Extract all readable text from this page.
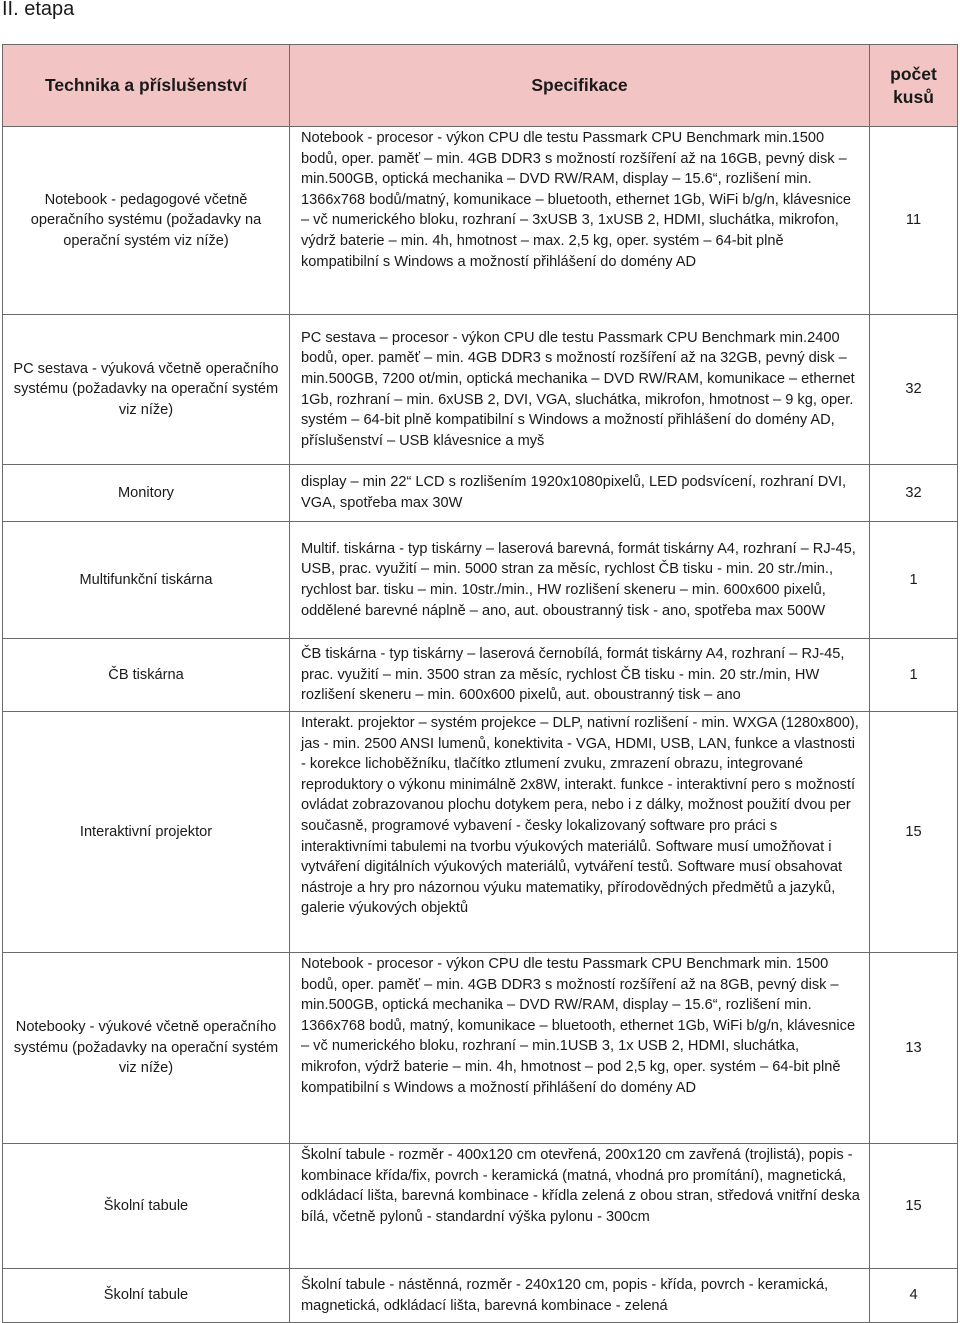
II. etapa
Technika a příslušenství	Specifikace	počet kusů
Notebook - pedagogové včetně operačního systému (požadavky na operační systém viz níže)	Notebook - procesor - výkon CPU dle testu Passmark CPU Benchmark min.1500 bodů, oper. paměť – min. 4GB DDR3 s možností rozšíření až na 16GB, pevný disk – min.500GB, optická mechanika – DVD RW/RAM, display – 15.6“, rozlišení min. 1366x768 bodů/matný, komunikace – bluetooth, ethernet 1Gb, WiFi b/g/n, klávesnice – vč numerického bloku, rozhraní – 3xUSB 3, 1xUSB 2, HDMI, sluchátka, mikrofon, výdrž baterie – min. 4h, hmotnost – max. 2,5 kg, oper. systém – 64-bit plně kompatibilní s Windows a možností přihlášení do domény AD	11
PC sestava - výuková včetně operačního systému (požadavky na operační systém viz níže)	PC sestava – procesor - výkon CPU dle testu Passmark CPU Benchmark min.2400 bodů, oper. paměť – min. 4GB DDR3 s možností rozšíření až na 32GB, pevný disk – min.500GB, 7200 ot/min, optická mechanika – DVD RW/RAM, komunikace – ethernet 1Gb, rozhraní – min. 6xUSB 2, DVI, VGA, sluchátka, mikrofon, hmotnost – 9 kg, oper. systém – 64-bit plně kompatibilní s Windows a možností přihlášení do domény AD, příslušenství – USB klávesnice a myš	32
Monitory	display – min 22“ LCD s rozlišením 1920x1080pixelů, LED podsvícení, rozhraní DVI, VGA, spotřeba max 30W	32
Multifunkční tiskárna	Multif. tiskárna - typ tiskárny – laserová barevná, formát tiskárny A4, rozhraní – RJ-45, USB, prac. využití – min. 5000 stran za měsíc, rychlost ČB tisku - min. 20 str./min., rychlost bar. tisku – min. 10str./min., HW rozlišení skeneru – min. 600x600 pixelů, oddělené barevné náplně – ano, aut. oboustranný tisk - ano, spotřeba max 500W	1
ČB tiskárna	ČB tiskárna - typ tiskárny – laserová černobílá, formát tiskárny A4, rozhraní – RJ-45, prac. využití – min. 3500 stran za měsíc, rychlost ČB tisku - min. 20 str./min, HW rozlišení skeneru – min. 600x600 pixelů, aut. oboustranný tisk – ano	1
Interaktivní projektor	Interakt. projektor – systém projekce – DLP, nativní rozlišení - min. WXGA (1280x800), jas - min. 2500 ANSI lumenů, konektivita - VGA, HDMI, USB, LAN, funkce a vlastnosti - korekce lichoběžníku, tlačítko ztlumení zvuku, zmrazení obrazu, integrované reproduktory o výkonu minimálně 2x8W, interakt. funkce - interaktivní pero s možností ovládat zobrazovanou plochu dotykem pera, nebo i z dálky, možnost použití dvou per současně, programové vybavení - česky lokalizovaný software pro práci s interaktivními tabulemi na tvorbu výukových materiálů. Software musí umožňovat i vytváření digitálních výukových materiálů, vytváření testů. Software musí obsahovat nástroje a hry pro názornou výuku matematiky, přírodovědných předmětů a jazyků, galerie výukových objektů	15
Notebooky - výukové včetně operačního systému (požadavky na operační systém viz níže)	Notebook - procesor - výkon CPU dle testu Passmark CPU Benchmark min. 1500 bodů, oper. paměť – min. 4GB DDR3 s možností rozšíření až na 8GB, pevný disk – min.500GB, optická mechanika – DVD RW/RAM, display – 15.6“, rozlišení min. 1366x768 bodů, matný, komunikace – bluetooth, ethernet 1Gb, WiFi b/g/n, klávesnice – vč numerického bloku, rozhraní – min.1USB 3, 1x USB 2, HDMI, sluchátka, mikrofon, výdrž baterie – min. 4h, hmotnost – pod 2,5 kg, oper. systém – 64-bit plně kompatibilní s Windows a možností přihlášení do domény AD	13
Školní tabule	Školní tabule - rozměr - 400x120 cm otevřená, 200x120 cm zavřená (trojlistá), popis - kombinace křída/fix, povrch - keramická (matná, vhodná pro promítání), magnetická, odkládací lišta, barevná kombinace - křídla zelená z obou stran, středová vnitřní deska bílá, včetně pylonů - standardní výška pylonu - 300cm	15
Školní tabule	Školní tabule - nástěnná, rozměr - 240x120 cm, popis - křída, povrch - keramická, magnetická, odkládací lišta, barevná kombinace - zelená	4
